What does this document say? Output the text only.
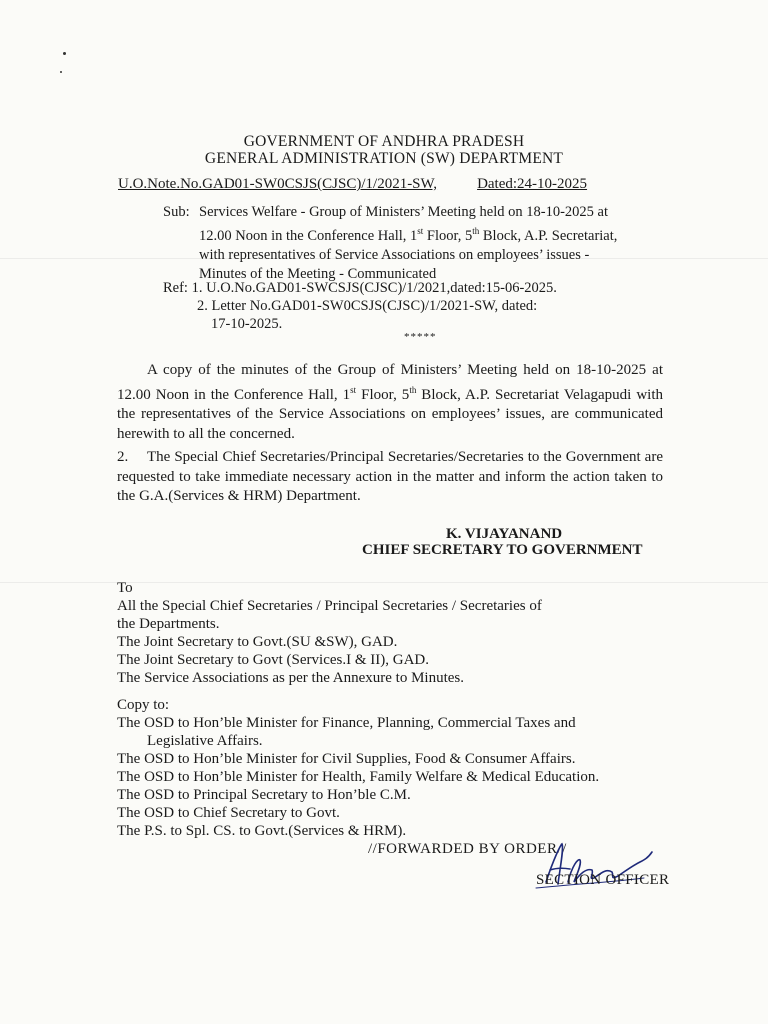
GOVERNMENT OF ANDHRA PRADESH
GENERAL ADMINISTRATION (SW) DEPARTMENT
U.O.Note.No.GAD01-SW0CSJS(CJSC)/1/2021-SW,	Dated:24-10-2025
Sub: Services Welfare - Group of Ministers’ Meeting held on 18-10-2025 at
12.00 Noon in the Conference Hall, 1st Floor, 5th Block, A.P. Secretariat,
with representatives of Service Associations on employees’ issues -
Minutes of the Meeting - Communicated
Ref: 1. U.O.No.GAD01-SWCSJS(CJSC)/1/2021,dated:15-06-2025.
2. Letter No.GAD01-SW0CSJS(CJSC)/1/2021-SW, dated:
17-10-2025.
*****
A copy of the minutes of the Group of Ministers’ Meeting held on 18-10-2025 at 12.00 Noon in the Conference Hall, 1st Floor, 5th Block, A.P. Secretariat Velagapudi with the representatives of the Service Associations on employees’ issues, are communicated herewith to all the concerned.
2. The Special Chief Secretaries/Principal Secretaries/Secretaries to the Government are requested to take immediate necessary action in the matter and inform the action taken to the G.A.(Services & HRM) Department.
K. VIJAYANAND
CHIEF SECRETARY TO GOVERNMENT
To
All the Special Chief Secretaries / Principal Secretaries / Secretaries of
the Departments.
The Joint Secretary to Govt.(SU &SW), GAD.
The Joint Secretary to Govt (Services.I & II), GAD.
The Service Associations as per the Annexure to Minutes.
Copy to:
The OSD to Hon’ble Minister for Finance, Planning, Commercial Taxes and
Legislative Affairs.
The OSD to Hon’ble Minister for Civil Supplies, Food & Consumer Affairs.
The OSD to Hon’ble Minister for Health, Family Welfare & Medical Education.
The OSD to Principal Secretary to Hon’ble C.M.
The OSD to Chief Secretary to Govt.
The P.S. to Spl. CS. to Govt.(Services & HRM).
//FORWARDED BY ORDER//
SECTION OFFICER
